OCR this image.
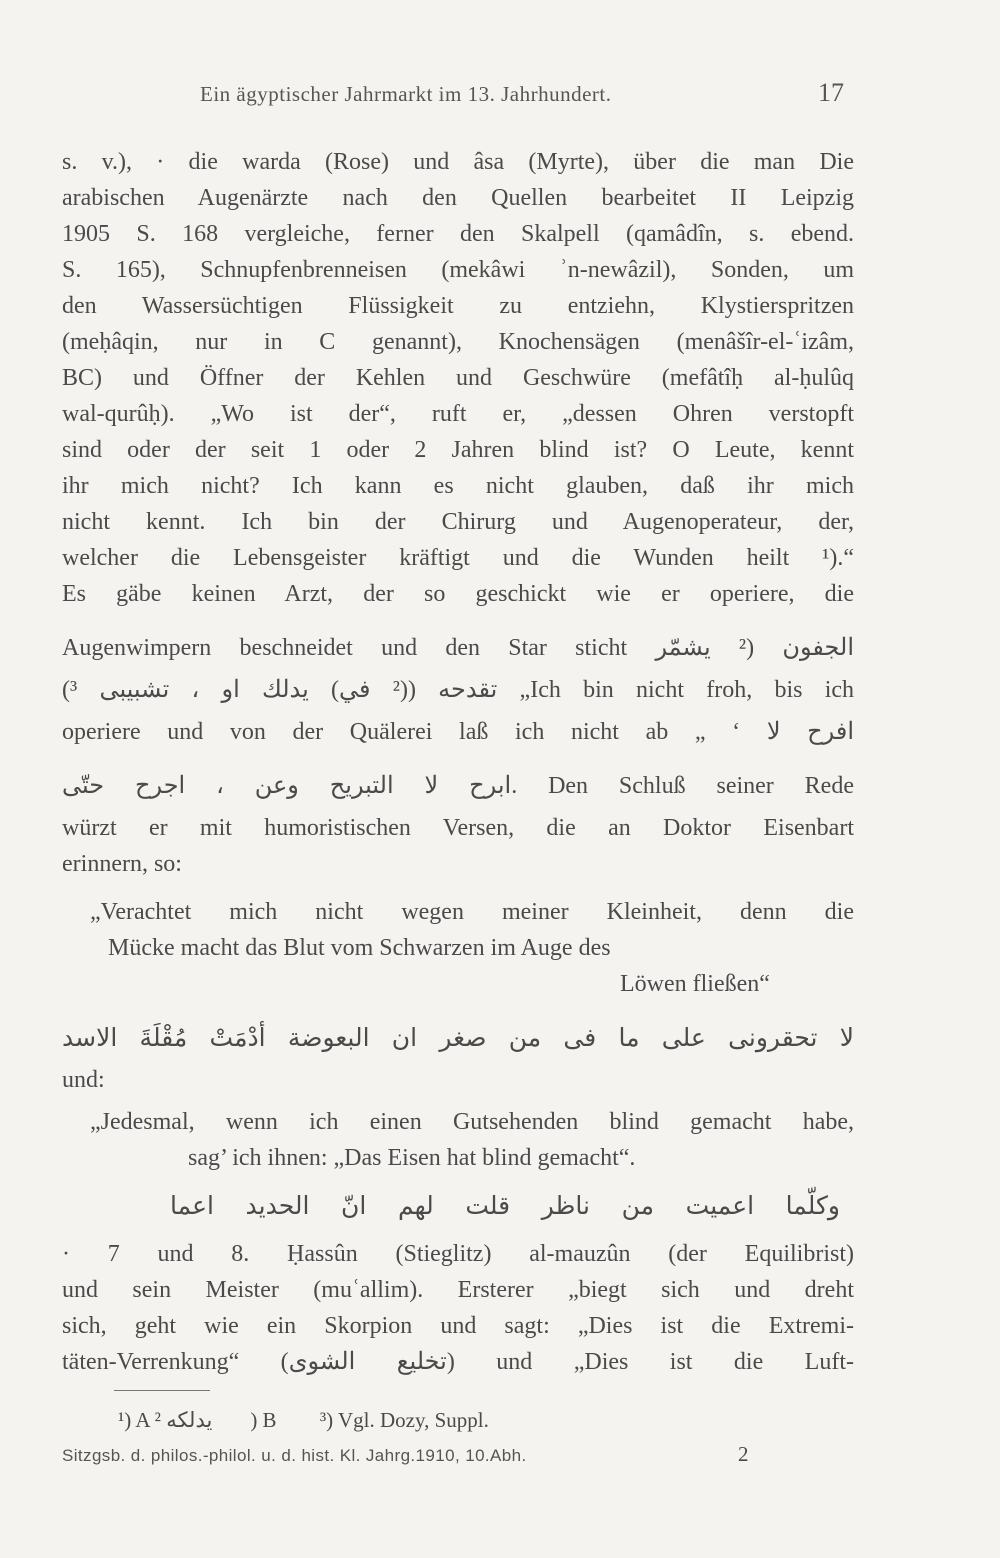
Ein ägyptischer Jahrmarkt im 13. Jahrhundert.	17
s. v.), · die warda (Rose) und âsa (Myrte), über die man Die
arabischen Augenärzte nach den Quellen bearbeitet II Leipzig
1905 S. 168 vergleiche, ferner den Skalpell (qamâdîn, s. ebend.
S. 165), Schnupfenbrenneisen (mekâwi ʾn-newâzil), Sonden, um
den Wassersüchtigen Flüssigkeit zu entziehn, Klystierspritzen
(meḥâqin, nur in C genannt), Knochensägen (menâšîr-el-ʿizâm,
BC) und Öffner der Kehlen und Geschwüre (mefâtîḥ al-ḥulûq
wal-qurûḥ). „Wo ist der“, ruft er, „dessen Ohren verstopft
sind oder der seit 1 oder 2 Jahren blind ist? O Leute, kennt
ihr mich nicht? Ich kann es nicht glauben, daß ihr mich
nicht kennt. Ich bin der Chirurg und Augenoperateur, der,
welcher die Lebensgeister kräftigt und die Wunden heilt ¹).“
Es gäbe keinen Arzt, der so geschickt wie er operiere, die
Augenwimpern beschneidet und den Star sticht الجفون (² يشمّر
(³ تقدحه ((² في) يدلك او ، تشبيبى „Ich bin nicht froh, bis ich
operiere und von der Quälerei laß ich nicht ab „ ‘ افرح لا
ابرح لا التبريح وعن ، اجرح حتّى. Den Schluß seiner Rede
würzt er mit humoristischen Versen, die an Doktor Eisenbart
erinnern, so:
„Verachtet mich nicht wegen meiner Kleinheit, denn die
Mücke macht das Blut vom Schwarzen im Auge des
Löwen fließen“
لا تحقرونى على ما فى من صغر ان البعوضة أدْمَتْ مُقْلَةَ الاسد
und:
„Jedesmal, wenn ich einen Gutsehenden blind gemacht habe,
sag’ ich ihnen: „Das Eisen hat blind gemacht“.
وكلّما اعميت من ناظر قلت لهم انّ الحديد اعما
· 7 und 8. Ḥassûn (Stieglitz) al-mauzûn (der Equilibrist)
und sein Meister (muʿallim). Ersterer „biegt sich und dreht
sich, geht wie ein Skorpion und sagt: „Dies ist die Extremi-
täten-Verrenkung“ (تخليع الشوى) und „Dies ist die Luft-
¹) A يدلكه ²) B ³) Vgl. Dozy, Suppl.
Sitzgsb. d. philos.-philol. u. d. hist. Kl. Jahrg.1910, 10.Abh.	2
